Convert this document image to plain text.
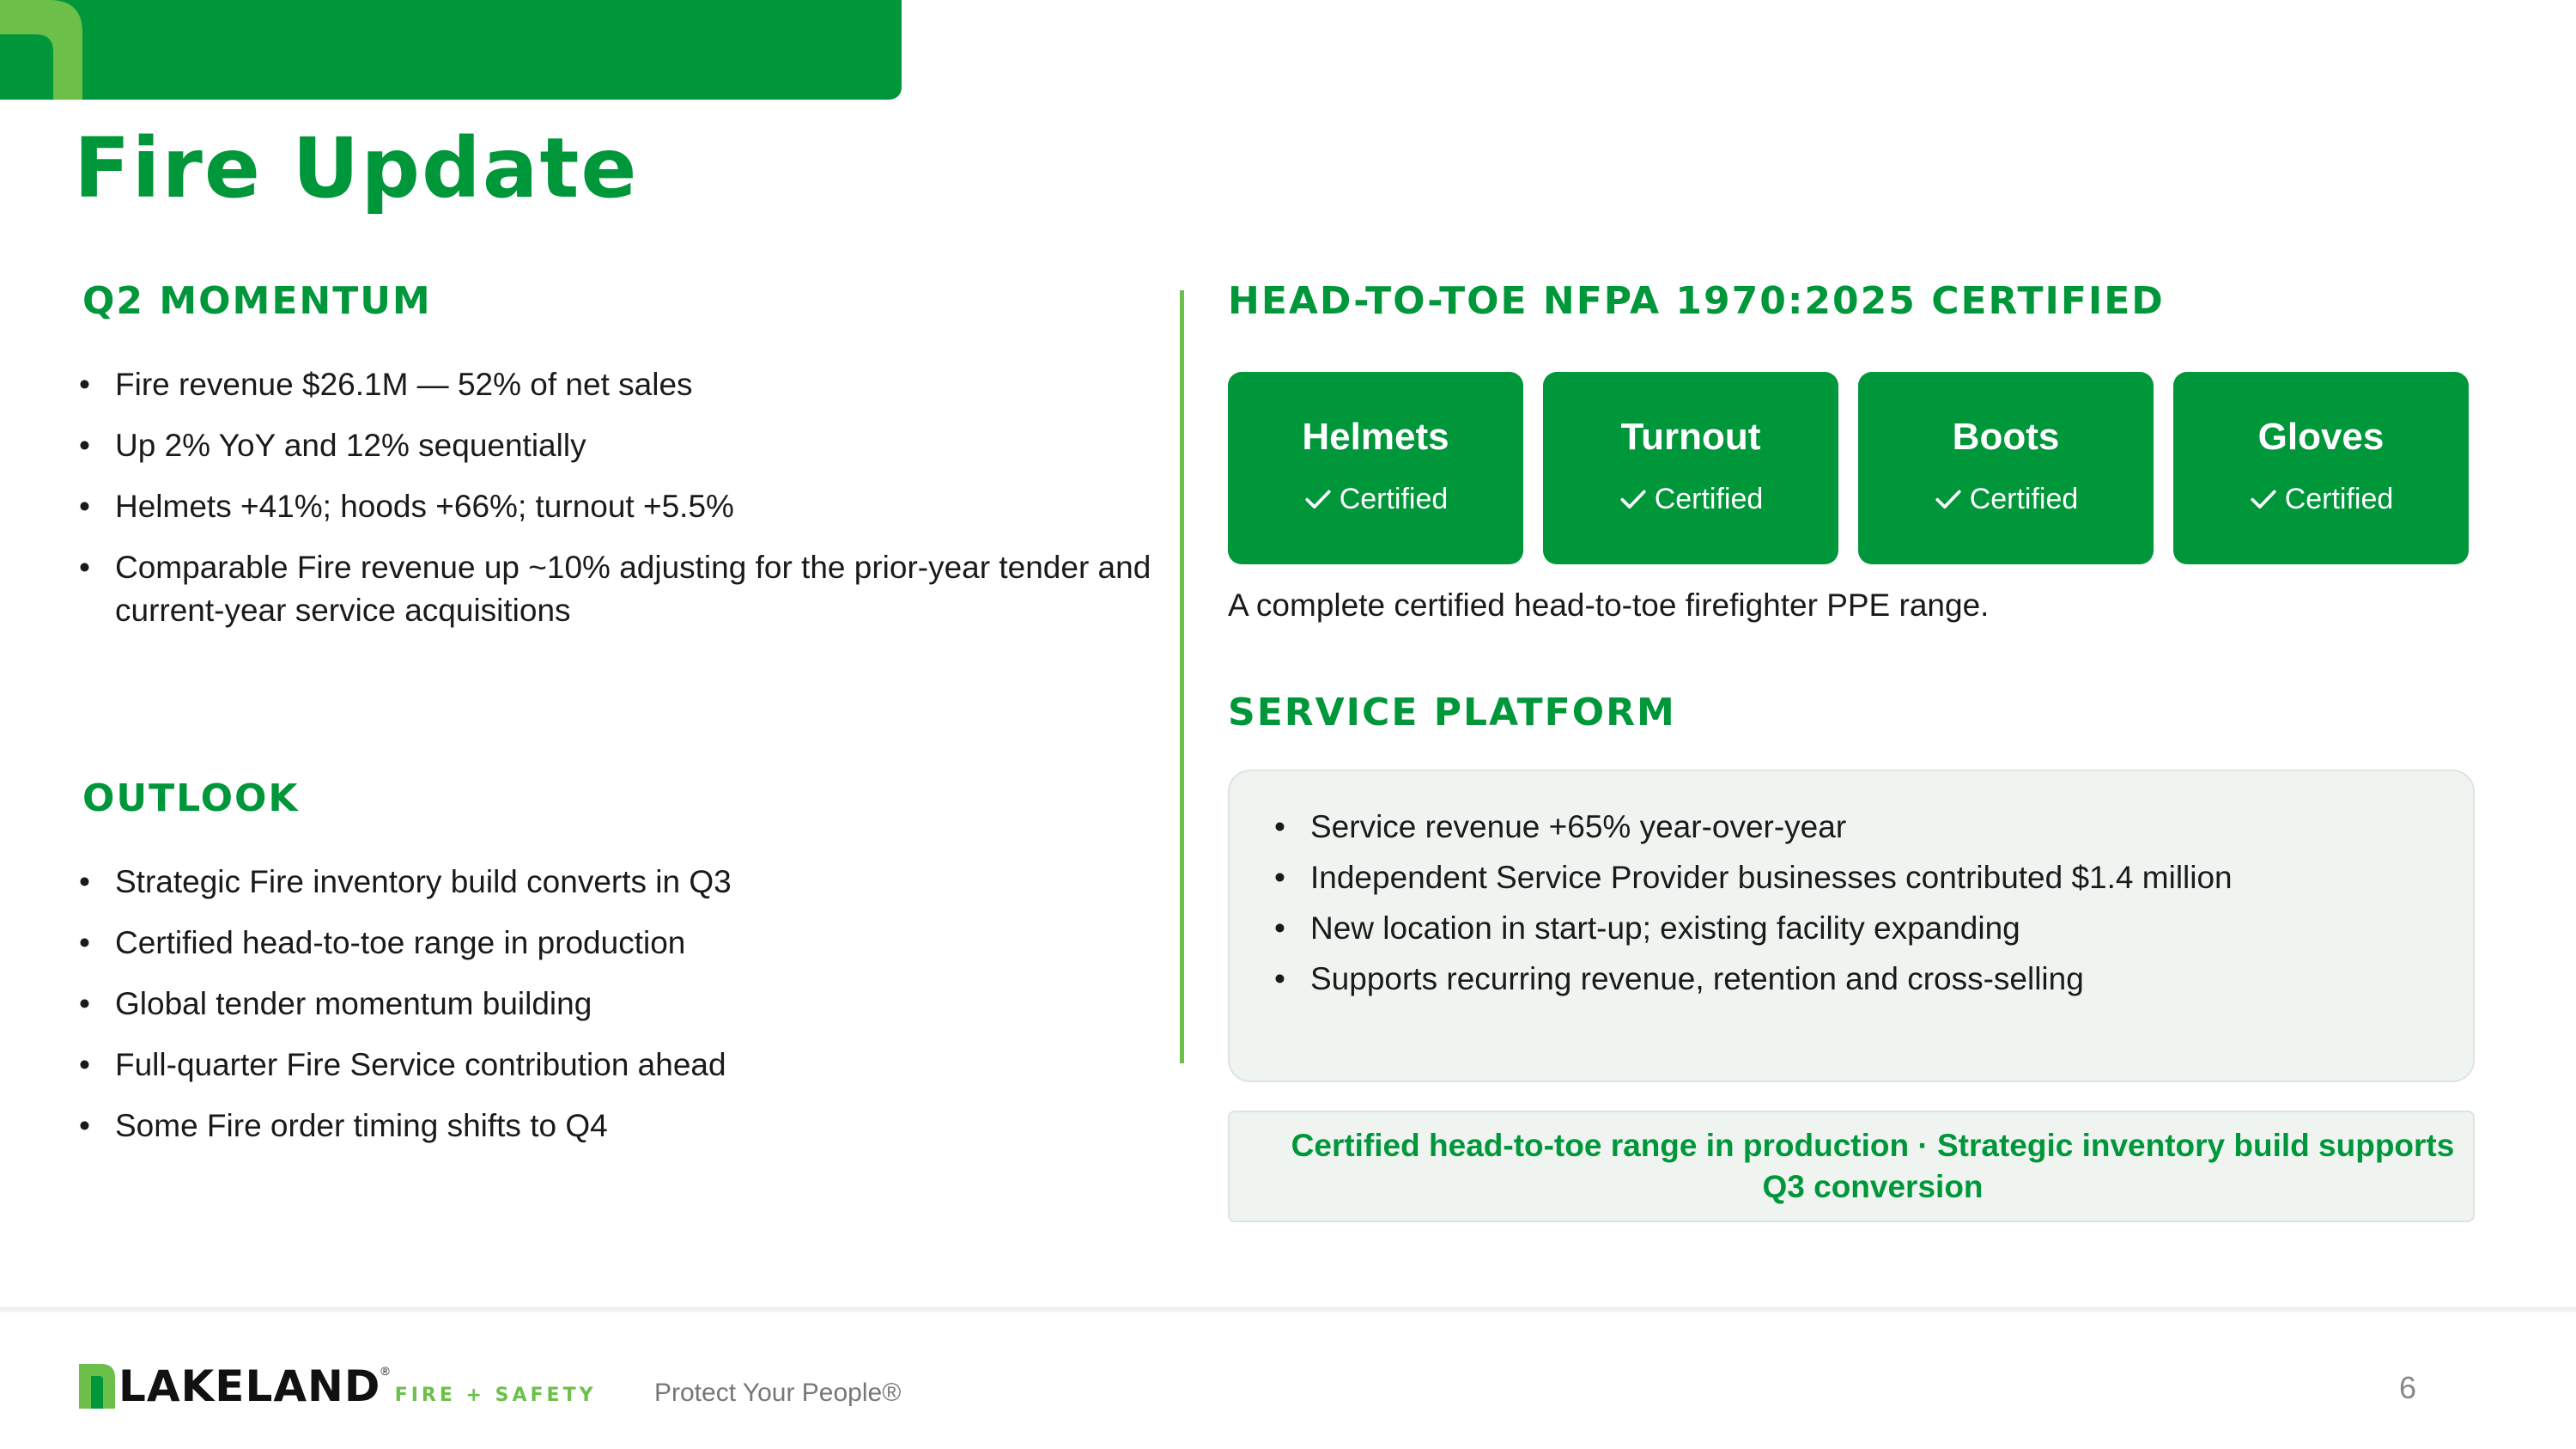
Fire Update
Q2 MOMENTUM
• Fire revenue $26.1M — 52% of net sales
• Up 2% YoY and 12% sequentially
• Helmets +41%; hoods +66%; turnout +5.5%
• Comparable Fire revenue up ~10% adjusting for the prior-year tender and current-year service acquisitions
OUTLOOK
• Strategic Fire inventory build converts in Q3
• Certified head-to-toe range in production
• Global tender momentum building
• Full-quarter Fire Service contribution ahead
• Some Fire order timing shifts to Q4
HEAD-TO-TOE NFPA 1970:2025 CERTIFIED
Helmets
Certified
Turnout
Certified
Boots
Certified
Gloves
Certified

A complete certified head-to-toe firefighter PPE range.

SERVICE PLATFORM
• Service revenue +65% year-over-year
• Independent Service Provider businesses contributed $1.4 million
• New location in start-up; existing facility expanding
• Supports recurring revenue, retention and cross-selling
Certified head-to-toe range in production · Strategic inventory build supports Q3 conversion
LAKELAND ®
FIRE + SAFETY Protect Your People®	6
